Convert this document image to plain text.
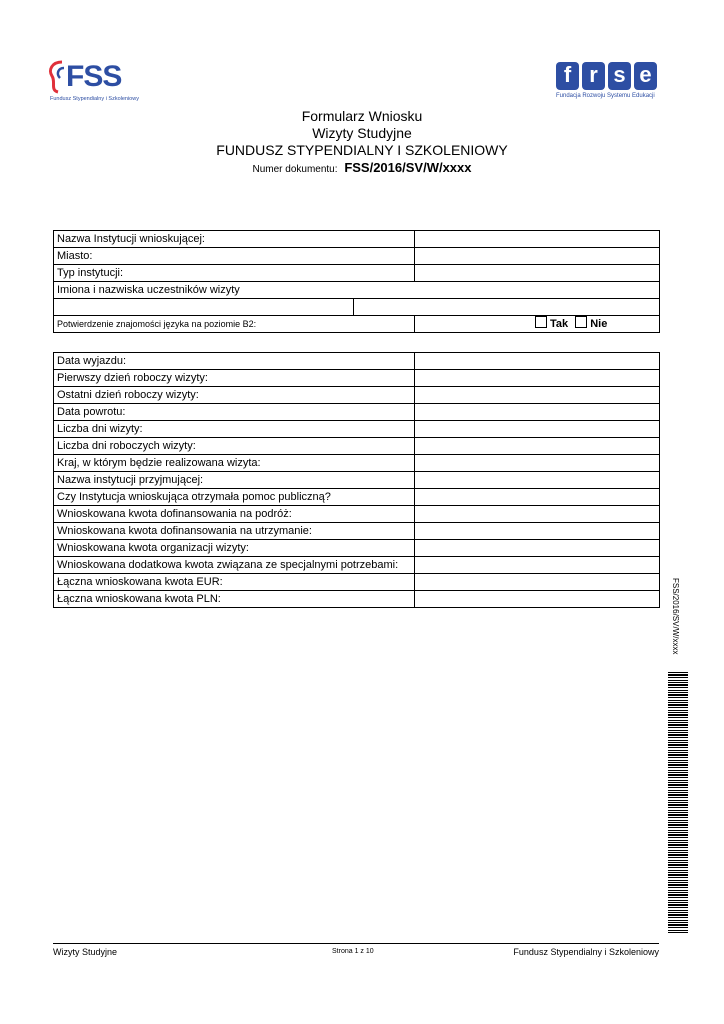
FSS
Fundusz Stypendialny i Szkoleniowy
f r s e
Fundacja Rozwoju Systemu Edukacji
Formularz Wniosku
Wizyty Studyjne
FUNDUSZ STYPENDIALNY I SZKOLENIOWY
Numer dokumentu: FSS/2016/SV/W/xxxx
Nazwa Instytucji wnioskującej:		
Miasto:		
Typ instytucji:		
Imiona i nazwiska uczestników wizyty		

Potwierdzenie znajomości języka na poziomie B2:		Tak Nie
Data wyjazdu:	
Pierwszy dzień roboczy wizyty:	
Ostatni dzień roboczy wizyty:	
Data powrotu:	
Liczba dni wizyty:	
Liczba dni roboczych wizyty:	
Kraj, w którym będzie realizowana wizyta:	
Nazwa instytucji przyjmującej:	
Czy Instytucja wnioskująca otrzymała pomoc publiczną?	
Wnioskowana kwota dofinansowania na podróż:	
Wnioskowana kwota dofinansowania na utrzymanie:	
Wnioskowana kwota organizacji wizyty:	
Wnioskowana dodatkowa kwota związana ze specjalnymi potrzebami:	
Łączna wnioskowana kwota EUR:	
Łączna wnioskowana kwota PLN:		FSS/2016/SV/W/xxxx
Wizyty Studyjne	Strona 1 z 10	Fundusz Stypendialny i Szkoleniowy
